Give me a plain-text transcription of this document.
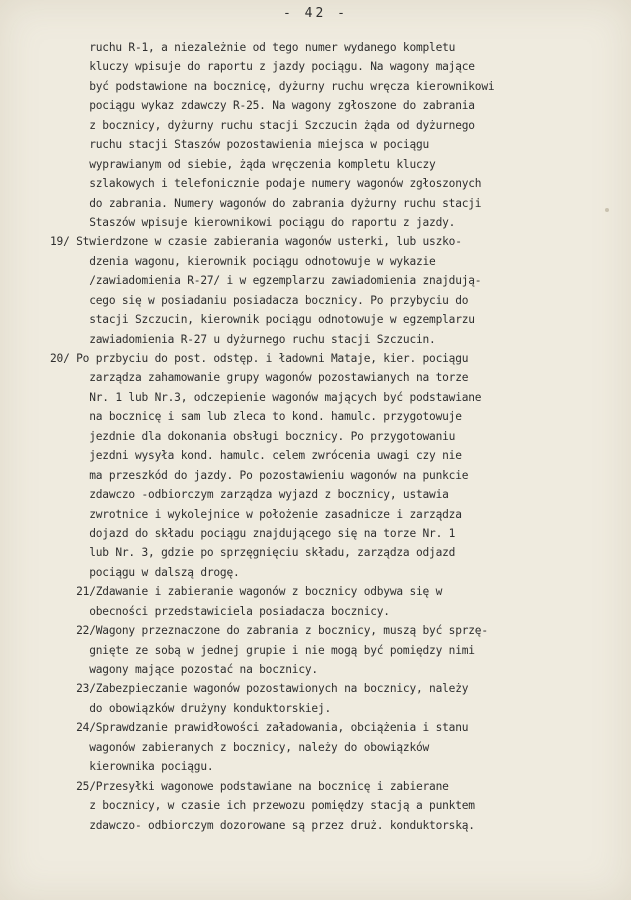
- 42 -
ruchu R-1, a niezależnie od tego numer wydanego kompletu
kluczy wpisuje do raportu z jazdy pociągu. Na wagony mające
być podstawione na bocznicę, dyżurny ruchu wręcza kierownikowi
pociągu wykaz zdawczy R-25. Na wagony zgłoszone do zabrania
z bocznicy, dyżurny ruchu stacji Szczucin żąda od dyżurnego
ruchu stacji Staszów pozostawienia miejsca w pociągu
wyprawianym od siebie, żąda wręczenia kompletu kluczy
szlakowych i telefonicznie podaje numery wagonów zgłoszonych
do zabrania. Numery wagonów do zabrania dyżurny ruchu stacji
Staszów wpisuje kierownikowi pociągu do raportu z jazdy.
19/ Stwierdzone w czasie zabierania wagonów usterki, lub uszko-
dzenia wagonu, kierownik pociągu odnotowuje w wykazie
/zawiadomienia R-27/ i w egzemplarzu zawiadomienia znajdują-
cego się w posiadaniu posiadacza bocznicy. Po przybyciu do
stacji Szczucin, kierownik pociągu odnotowuje w egzemplarzu
zawiadomienia R-27 u dyżurnego ruchu stacji Szczucin.
20/ Po przbyciu do post. odstęp. i ładowni Mataje, kier. pociągu
zarządza zahamowanie grupy wagonów pozostawianych na torze
Nr. 1 lub Nr.3, odczepienie wagonów mających być podstawiane
na bocznicę i sam lub zleca to kond. hamulc. przygotowuje
jezdnie dla dokonania obsługi bocznicy. Po przygotowaniu
jezdni wysyła kond. hamulc. celem zwrócenia uwagi czy nie
ma przeszkód do jazdy. Po pozostawieniu wagonów na punkcie
zdawczo -odbiorczym zarządza wyjazd z bocznicy, ustawia
zwrotnice i wykolejnice w położenie zasadnicze i zarządza
dojazd do składu pociągu znajdującego się na torze Nr. 1
lub Nr. 3, gdzie po sprzęgnięciu składu, zarządza odjazd
pociągu w dalszą drogę.
21/Zdawanie i zabieranie wagonów z bocznicy odbywa się w
obecności przedstawiciela posiadacza bocznicy.
22/Wagony przeznaczone do zabrania z bocznicy, muszą być sprzę-
gnięte ze sobą w jednej grupie i nie mogą być pomiędzy nimi
wagony mające pozostać na bocznicy.
23/Zabezpieczanie wagonów pozostawionych na bocznicy, należy
do obowiązków drużyny konduktorskiej.
24/Sprawdzanie prawidłowości załadowania, obciążenia i stanu
wagonów zabieranych z bocznicy, należy do obowiązków
kierownika pociągu.
25/Przesyłki wagonowe podstawiane na bocznicę i zabierane
z bocznicy, w czasie ich przewozu pomiędzy stacją a punktem
zdawczo- odbiorczym dozorowane są przez druż. konduktorską.
